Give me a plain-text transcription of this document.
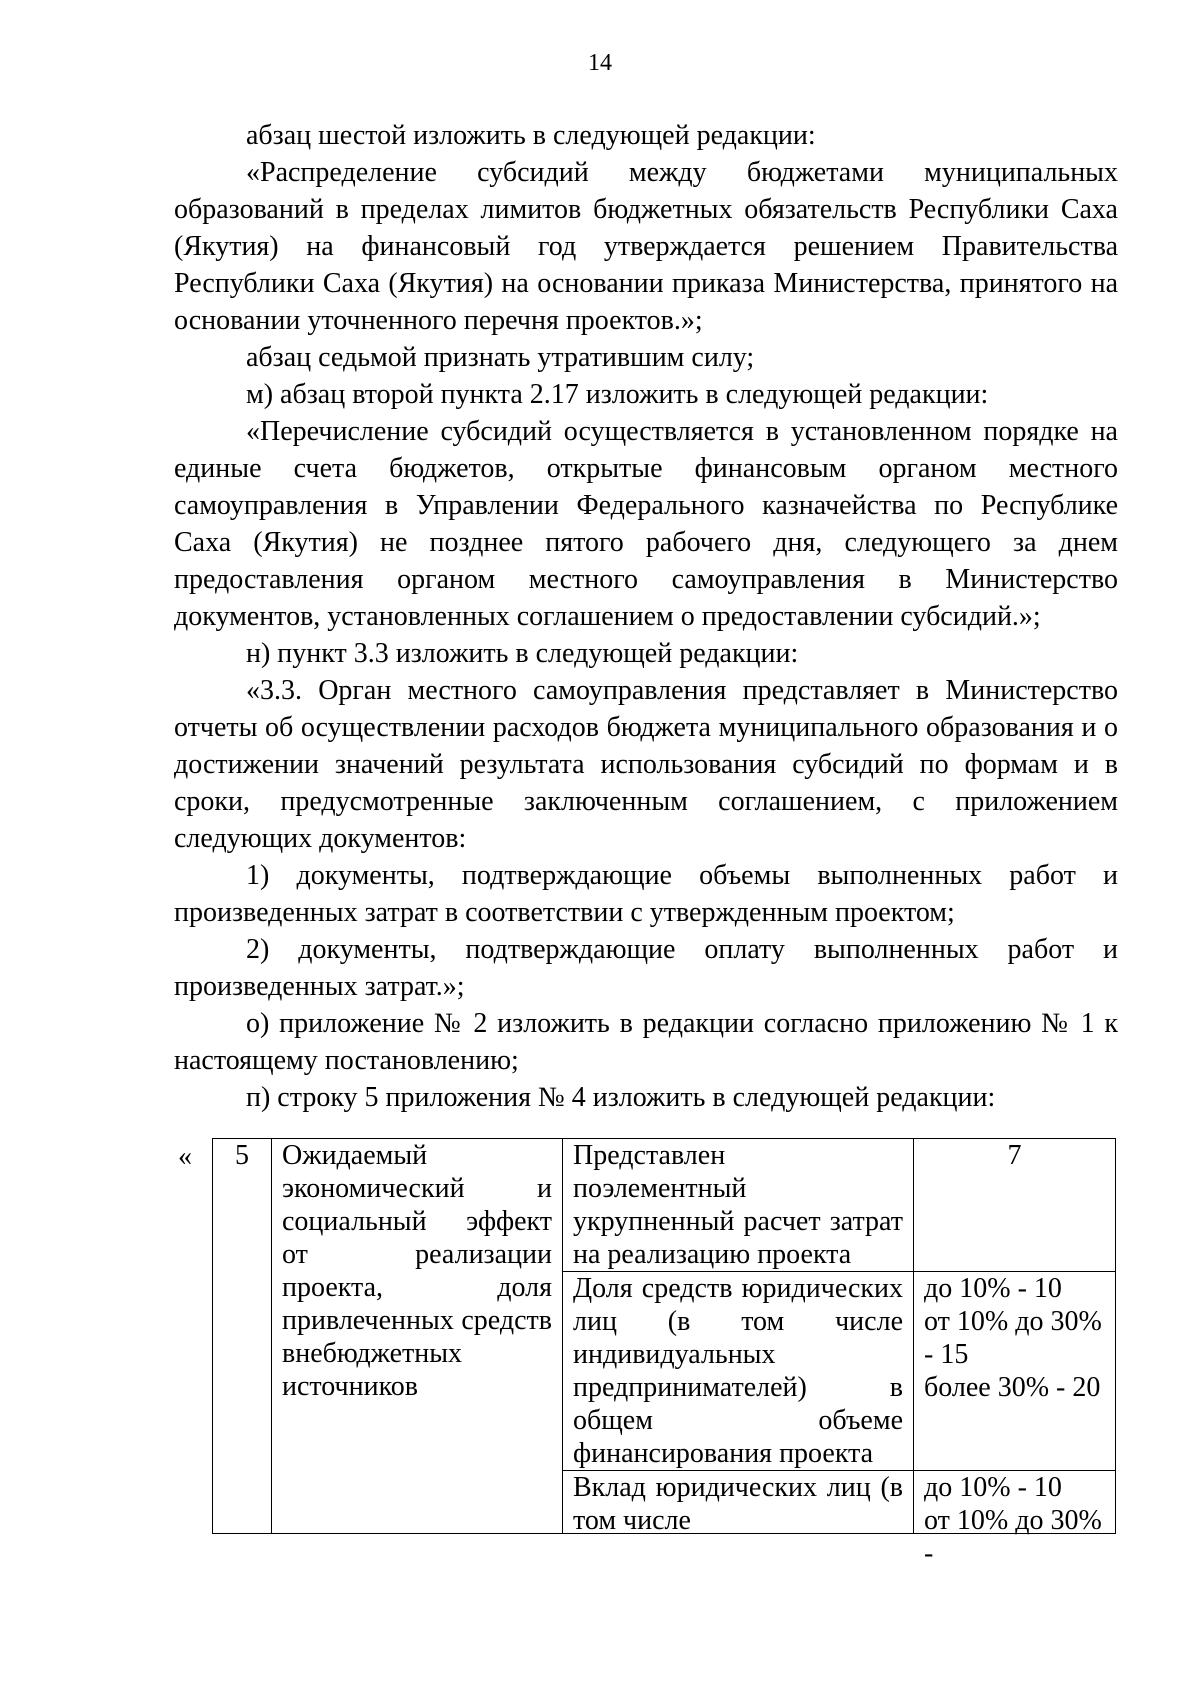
14

абзац шестой изложить в следующей редакции:

«Распределение субсидий между бюджетами муниципальных образований в пределах лимитов бюджетных обязательств Республики Саха (Якутия) на финансовый год утверждается решением Правительства Республики Саха (Якутия) на основании приказа Министерства, принятого на основании уточненного перечня проектов.»;

абзац седьмой признать утратившим силу;

м) абзац второй пункта 2.17 изложить в следующей редакции:

«Перечисление субсидий осуществляется в установленном порядке на единые счета бюджетов, открытые финансовым органом местного самоуправления в Управлении Федерального казначейства по Республике Саха (Якутия) не позднее пятого рабочего дня, следующего за днем предоставления органом местного самоуправления в Министерство документов, установленных соглашением о предоставлении субсидий.»;

н) пункт 3.3 изложить в следующей редакции:

«3.3. Орган местного самоуправления представляет в Министерство отчеты об осуществлении расходов бюджета муниципального образования и о достижении значений результата использования субсидий по формам и в сроки, предусмотренные заключенным соглашением, с приложением следующих документов:

1) документы, подтверждающие объемы выполненных работ и произведенных затрат в соответствии с утвержденным проектом;

2) документы, подтверждающие оплату выполненных работ и произведенных затрат.»;

о) приложение № 2 изложить в редакции согласно приложению № 1 к настоящему постановлению;

п) строку 5 приложения № 4 изложить в следующей редакции:

« 5	Ожидаемый экономический и социальный эффект от реализации проекта, доля привлеченных средств внебюджетных источников	Представлен поэлементный укрупненный расчет затрат на реализацию проекта	7

		Доля средств юридических лиц (в том числе индивидуальных предпринимателей) в общем объеме финансирования проекта	до 10% - 10
от 10% до 30% - 15
более 30% - 20

		Вклад юридических лиц (в том числе	до 10% - 10
от 10% до 30% -
